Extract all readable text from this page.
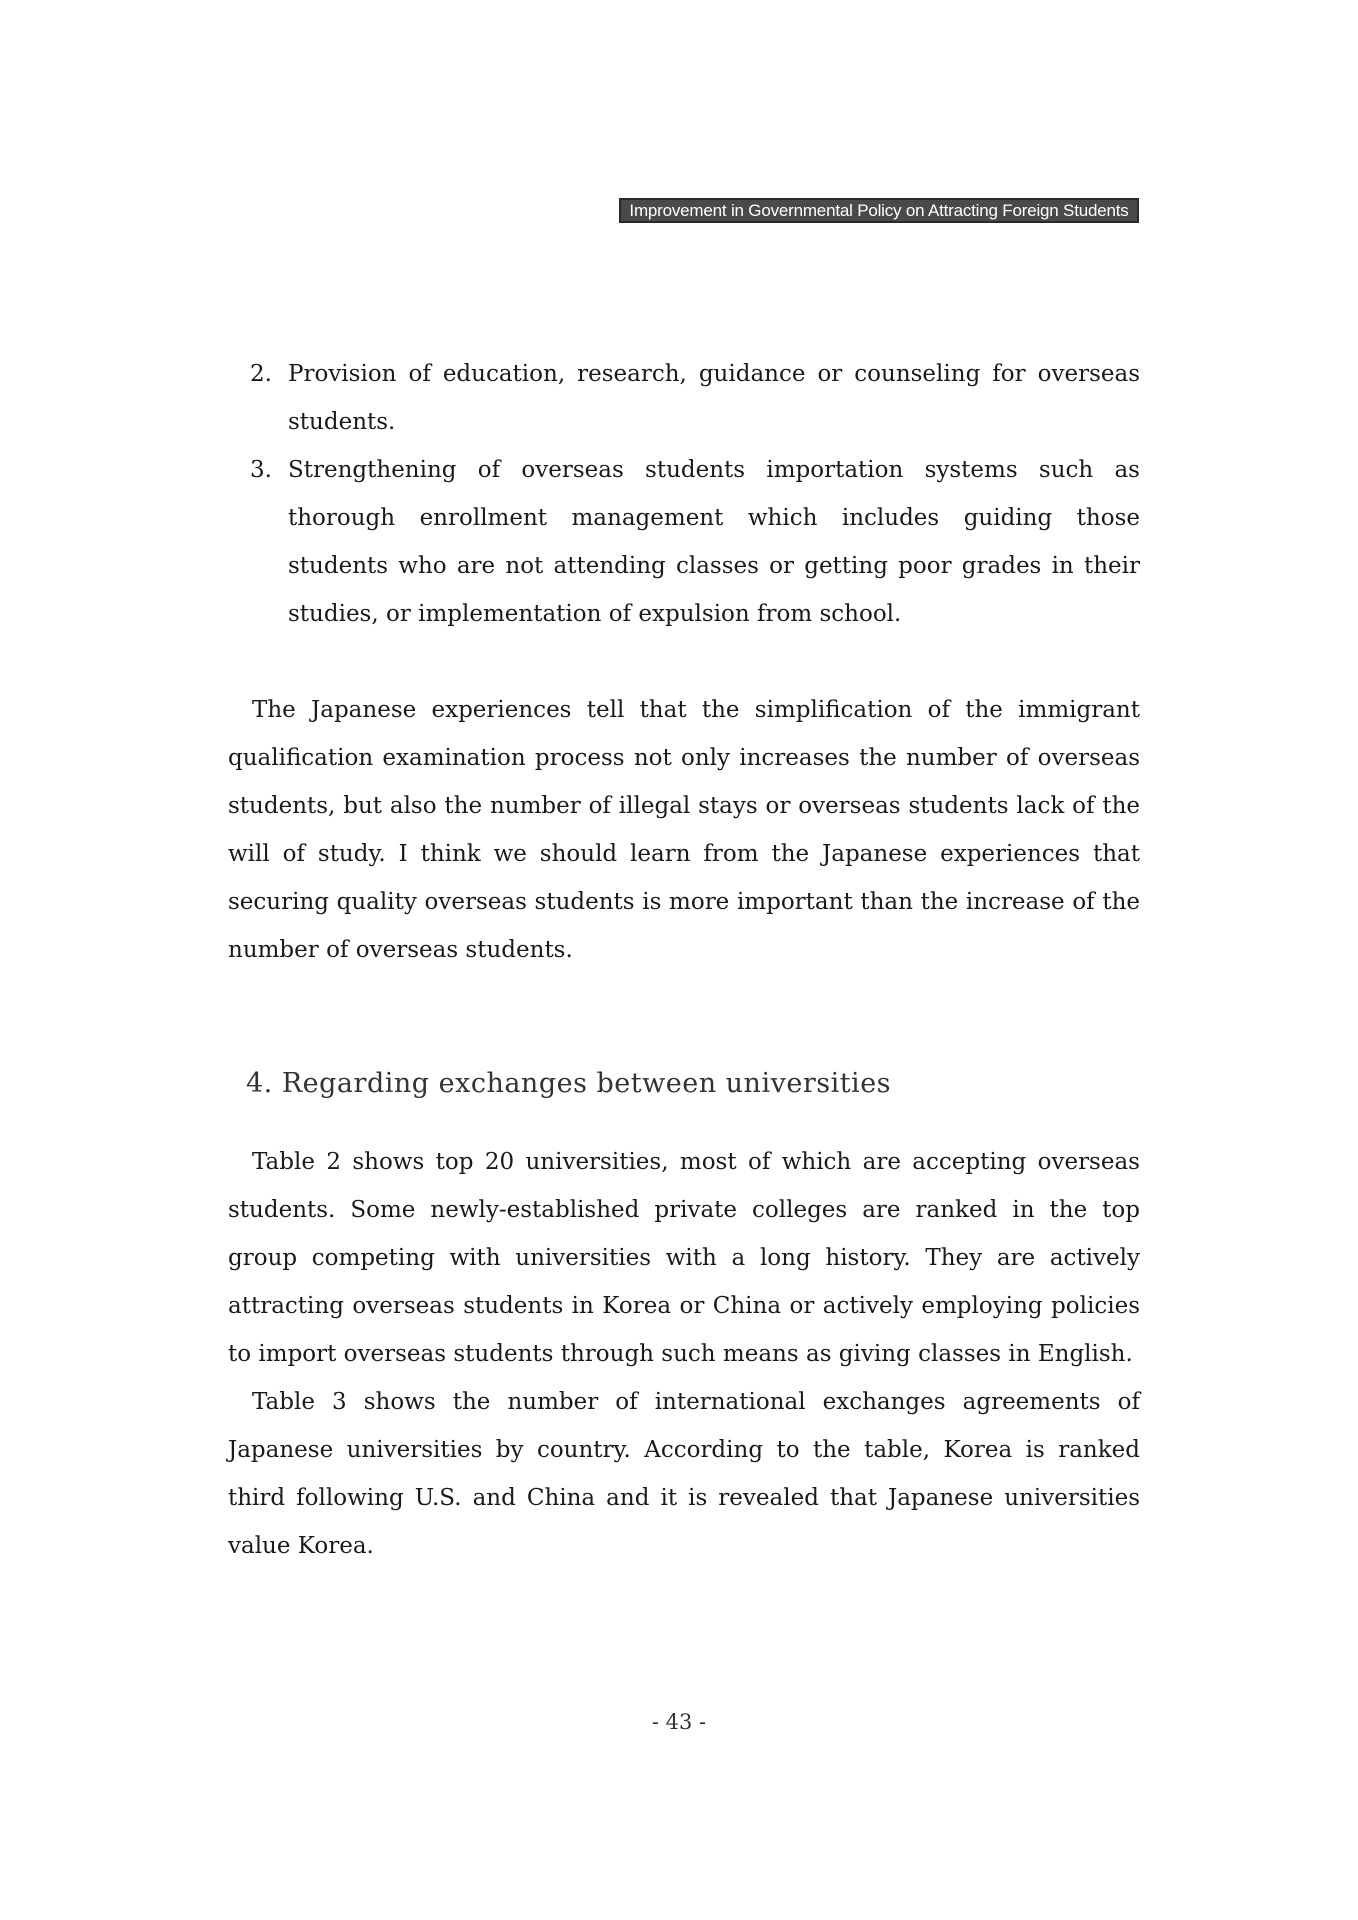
Improvement in Governmental Policy on Attracting Foreign Students
2. Provision of education, research, guidance or counseling for overseas students.
3. Strengthening of overseas students importation systems such as thorough enrollment management which includes guiding those students who are not attending classes or getting poor grades in their studies, or implementation of expulsion from school.

The Japanese experiences tell that the simplification of the immigrant qualification examination process not only increases the number of overseas students, but also the number of illegal stays or overseas students lack of the will of study. I think we should learn from the Japanese experiences that securing quality overseas students is more important than the increase of the number of overseas students.

4. Regarding exchanges between universities

Table 2 shows top 20 universities, most of which are accepting overseas students. Some newly-established private colleges are ranked in the top group competing with universities with a long history. They are actively attracting overseas students in Korea or China or actively employing policies to import overseas students through such means as giving classes in English.

Table 3 shows the number of international exchanges agreements of Japanese universities by country. According to the table, Korea is ranked third following U.S. and China and it is revealed that Japanese universities value Korea.

- 43 -
